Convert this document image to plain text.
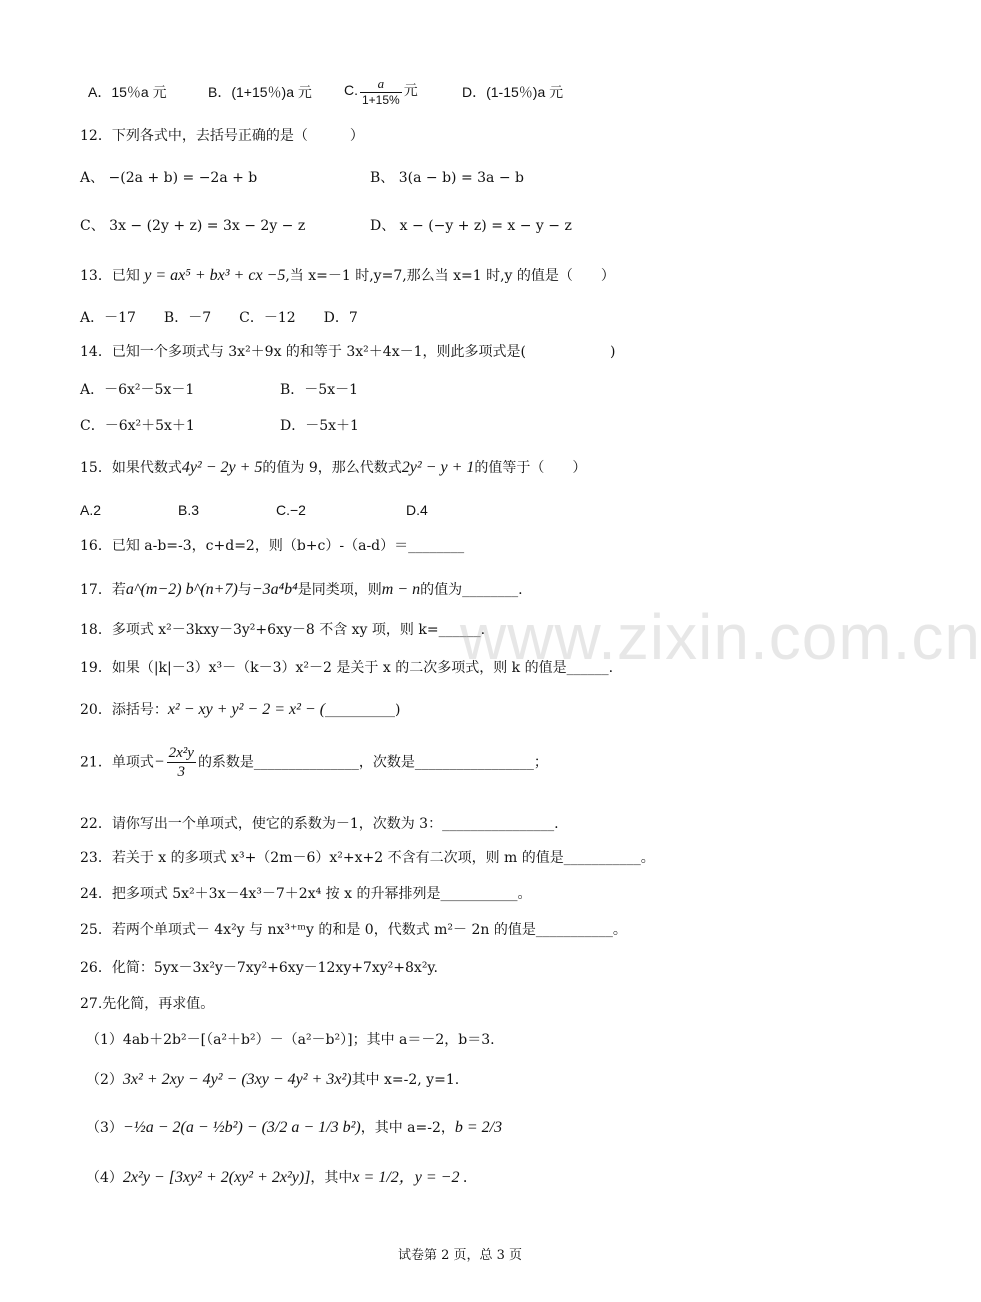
A．15％a 元	B．(1+15％)a 元 C. $\frac{a}{1+15\%}$ 元	D．(1-15％)a 元
12．下列各式中，去括号正确的是（　　　）
A、 −(2a + b) = −2a + b	B、 3(a − b) = 3a − b
C、 3x − (2y + z) = 3x − 2y − z	D、 x − (−y + z) = x − y − z
13．已知 y = ax⁵ + bx³ + cx −5,当 x=－1 时,y=7,那么当 x=1 时,y 的值是（　　）
A．－17　　B．－7　　C．－12　　D．7
14．已知一个多项式与 3x²＋9x 的和等于 3x²＋4x－1，则此多项式是(　　　　　　)
A．－6x²－5x－1	B．－5x－1
C．－6x²＋5x＋1	D．－5x＋1
15．如果代数式4y² − 2y + 5的值为 9，那么代数式2y² − y + 1的值等于（　　）
A.2	B.3	C.−2	D.4
16．已知 a-b=-3，c+d=2，则（b+c）-（a-d）＝________
17．若a^(m−2) b^(n+7)与−3a⁴b⁴是同类项，则m − n的值为________.
18．多项式 x²－3kxy－3y²+6xy－8 不含 xy 项，则 k=______.
19．如果（|k|－3）x³－（k－3）x²－2 是关于 x 的二次多项式，则 k 的值是______.
20．添括号：x² − xy + y² − 2 = x² − (__________)
21．单项式− $\frac{\text{2x²y}}{3}$ 的系数是_______________，次数是_________________；
22．请你写出一个单项式，使它的系数为－1，次数为 3：________________.
23．若关于 x 的多项式 x³+（2m－6）x²+x+2 不含有二次项，则 m 的值是___________。
24．把多项式 5x²＋3x－4x³－7＋2x⁴ 按 x 的升幂排列是___________。
25．若两个单项式－ 4x²y 与 nx³⁺ᵐy 的和是 0，代数式 m²－ 2n 的值是___________。
26．化简：5yx－3x²y－7xy²+6xy－12xy+7xy²+8x²y.
27.先化简，再求值。
（1）4ab＋2b²－[（a²＋b²）－（a²－b²）]；其中 a＝－2，b＝3.
（2）3x² + 2xy − 4y² − (3xy − 4y² + 3x²)其中 x=-2, y=1.
（3）−½a − 2(a − ½b²) − (3/2 a − 1/3 b²)，其中 a=-2，b = 2/3
（4）2x²y − [3xy² + 2(xy² + 2x²y)]，其中x = 1/2，y = −2 .
www.zixin.com.cn
试卷第 2 页，总 3 页
